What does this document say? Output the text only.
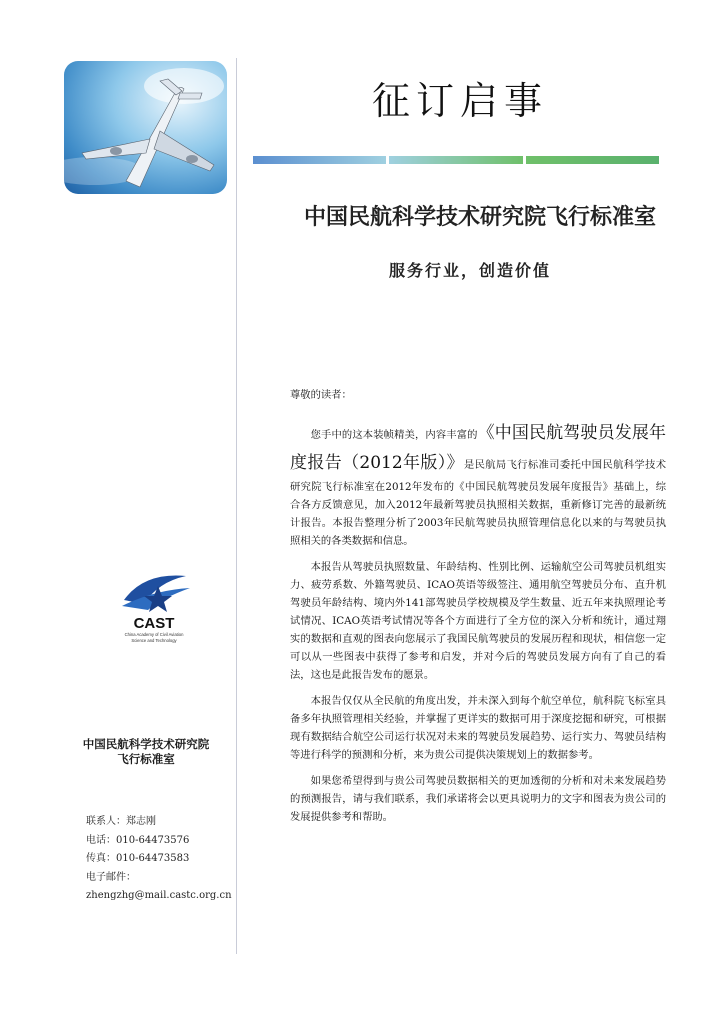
征订启事
中国民航科学技术研究院飞行标准室

服务行业，创造价值

CAST
China Academy of Civil Aviation
Science and Technology
中国民航科学技术研究院
飞行标准室
联系人：郑志刚
电话：010-64473576
传真：010-64473583
电子邮件：
zhengzhg@mail.castc.org.cn

尊敬的读者：

您手中的这本装帧精美，内容丰富的《中国民航驾驶员发展年度报告（2012年版）》是民航局飞行标准司委托中国民航科学技术研究院飞行标准室在2012年发布的《中国民航驾驶员发展年度报告》基础上，综合各方反馈意见，加入2012年最新驾驶员执照相关数据，重新修订完善的最新统计报告。本报告整理分析了2003年民航驾驶员执照管理信息化以来的与驾驶员执照相关的各类数据和信息。

本报告从驾驶员执照数量、年龄结构、性别比例、运输航空公司驾驶员机组实力、疲劳系数、外籍驾驶员、ICAO英语等级签注、通用航空驾驶员分布、直升机驾驶员年龄结构、境内外141部驾驶员学校规模及学生数量、近五年来执照理论考试情况、ICAO英语考试情况等各个方面进行了全方位的深入分析和统计，通过翔实的数据和直观的图表向您展示了我国民航驾驶员的发展历程和现状，相信您一定可以从一些图表中获得了参考和启发，并对今后的驾驶员发展方向有了自己的看法，这也是此报告发布的愿景。

本报告仅仅从全民航的角度出发，并未深入到每个航空单位，航科院飞标室具备多年执照管理相关经验，并掌握了更详实的数据可用于深度挖掘和研究，可根据现有数据结合航空公司运行状况对未来的驾驶员发展趋势、运行实力、驾驶员结构等进行科学的预测和分析，来为贵公司提供决策规划上的数据参考。

如果您希望得到与贵公司驾驶员数据相关的更加透彻的分析和对未来发展趋势的预测报告，请与我们联系，我们承诺将会以更具说明力的文字和图表为贵公司的发展提供参考和帮助。
